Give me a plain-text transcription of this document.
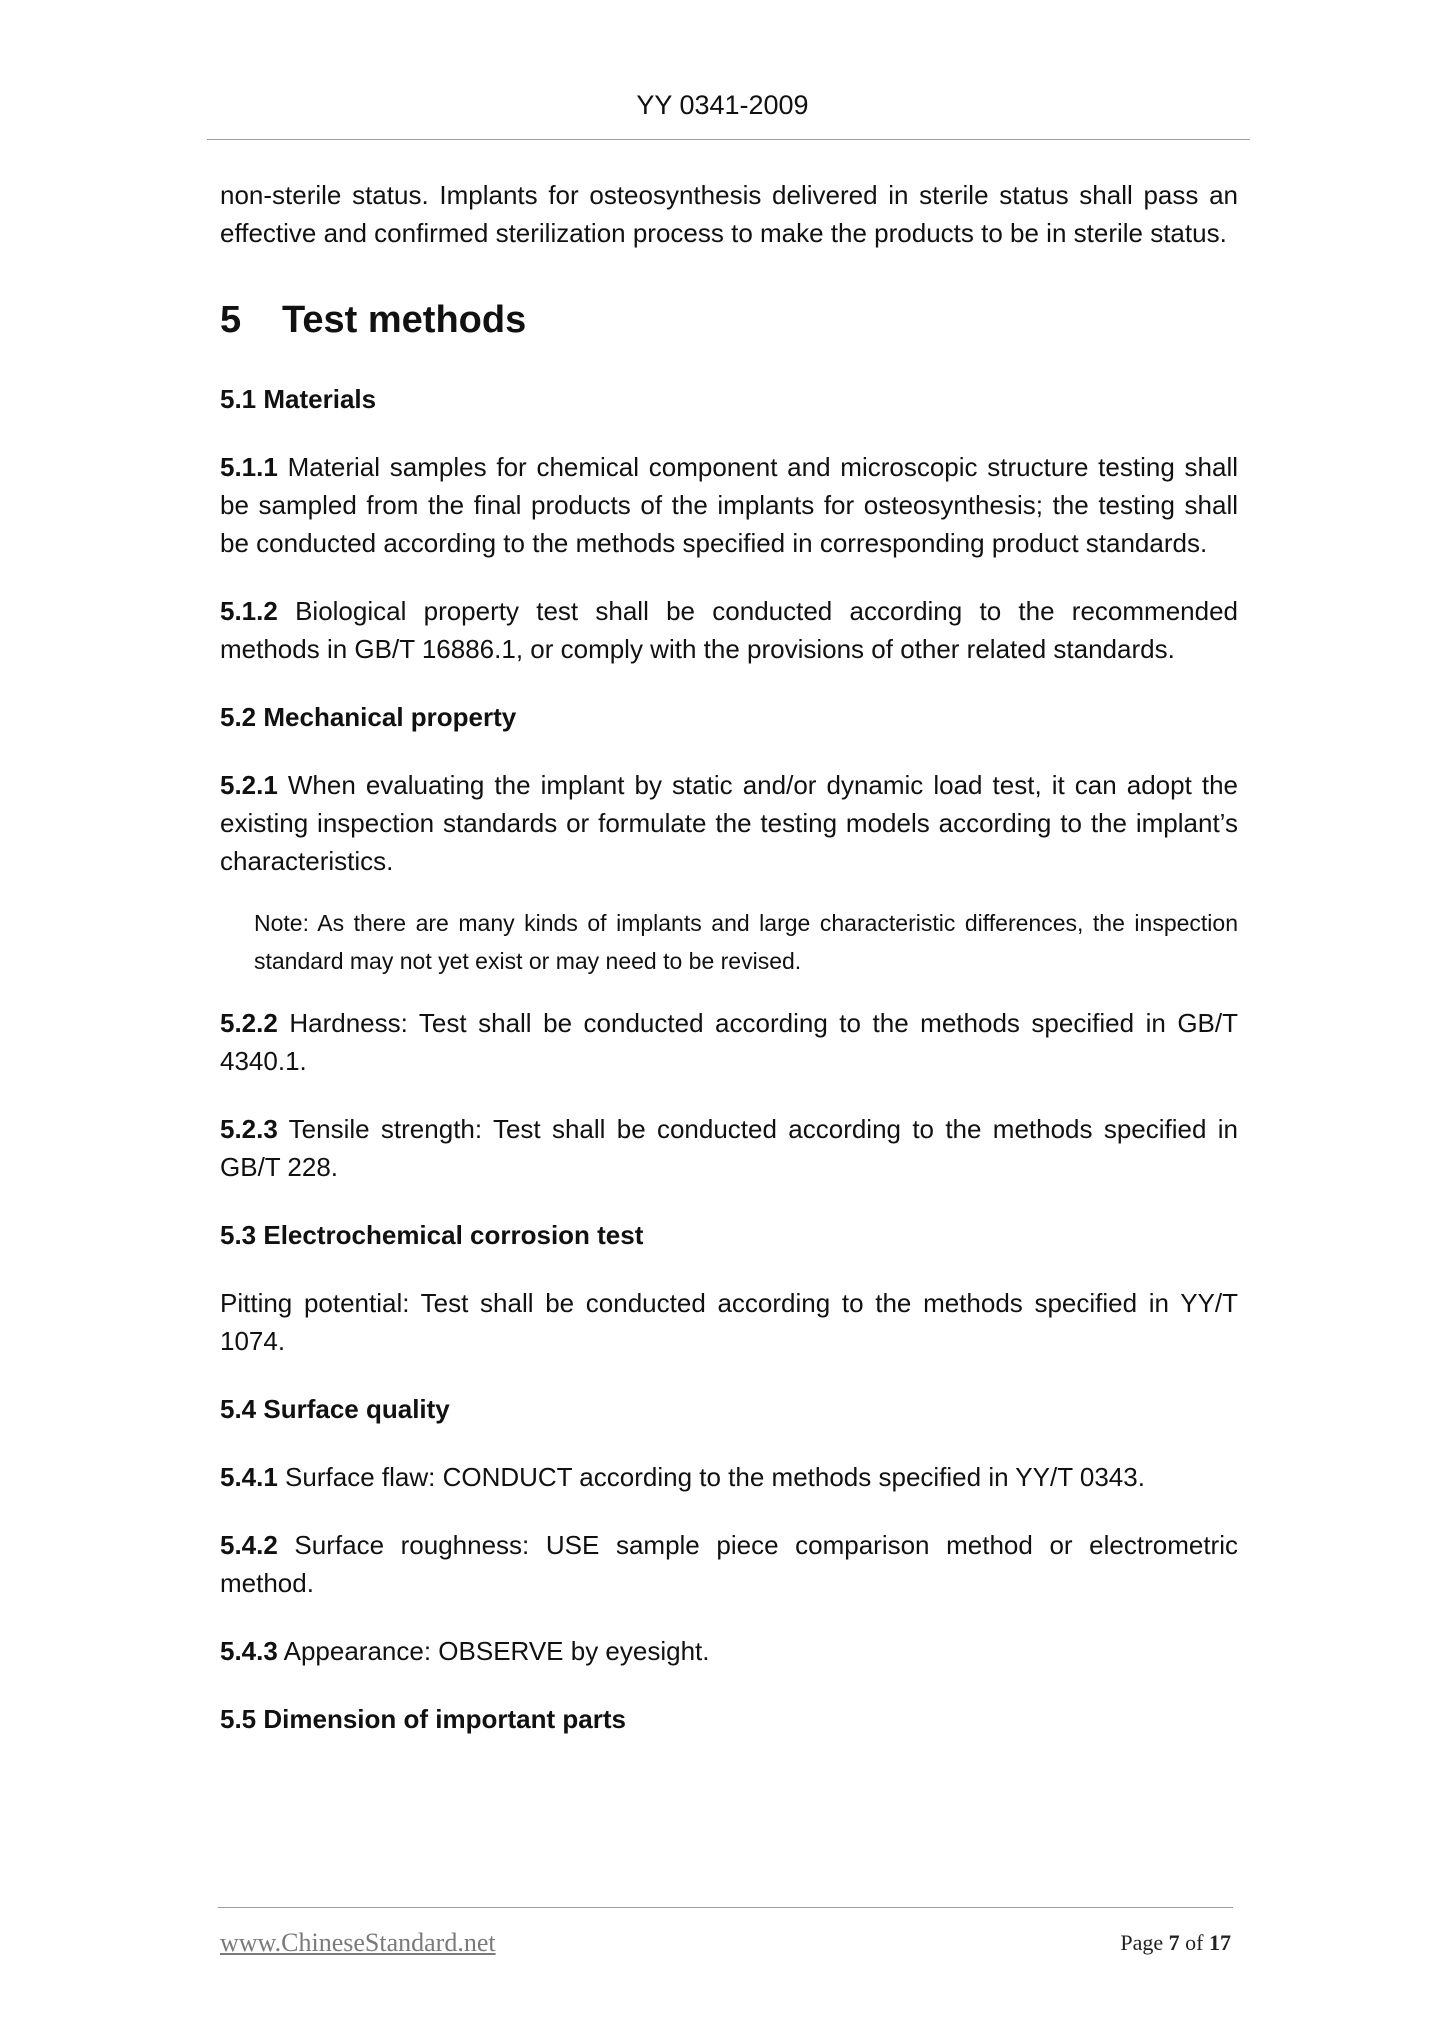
YY 0341-2009

non-sterile status. Implants for osteosynthesis delivered in sterile status shall pass an effective and confirmed sterilization process to make the products to be in sterile status.

5 Test methods
5.1 Materials

5.1.1 Material samples for chemical component and microscopic structure testing shall be sampled from the final products of the implants for osteosynthesis; the testing shall be conducted according to the methods specified in corresponding product standards.

5.1.2 Biological property test shall be conducted according to the recommended methods in GB/T 16886.1, or comply with the provisions of other related standards.

5.2 Mechanical property

5.2.1 When evaluating the implant by static and/or dynamic load test, it can adopt the existing inspection standards or formulate the testing models according to the implant’s characteristics.

Note: As there are many kinds of implants and large characteristic differences, the inspection standard may not yet exist or may need to be revised.

5.2.2 Hardness: Test shall be conducted according to the methods specified in GB/T 4340.1.

5.2.3 Tensile strength: Test shall be conducted according to the methods specified in GB/T 228.

5.3 Electrochemical corrosion test

Pitting potential: Test shall be conducted according to the methods specified in YY/T 1074.

5.4 Surface quality

5.4.1 Surface flaw: CONDUCT according to the methods specified in YY/T 0343.

5.4.2 Surface roughness: USE sample piece comparison method or electrometric method.

5.4.3 Appearance: OBSERVE by eyesight.

5.5 Dimension of important parts
www.ChineseStandard.net	Page 7 of 17
